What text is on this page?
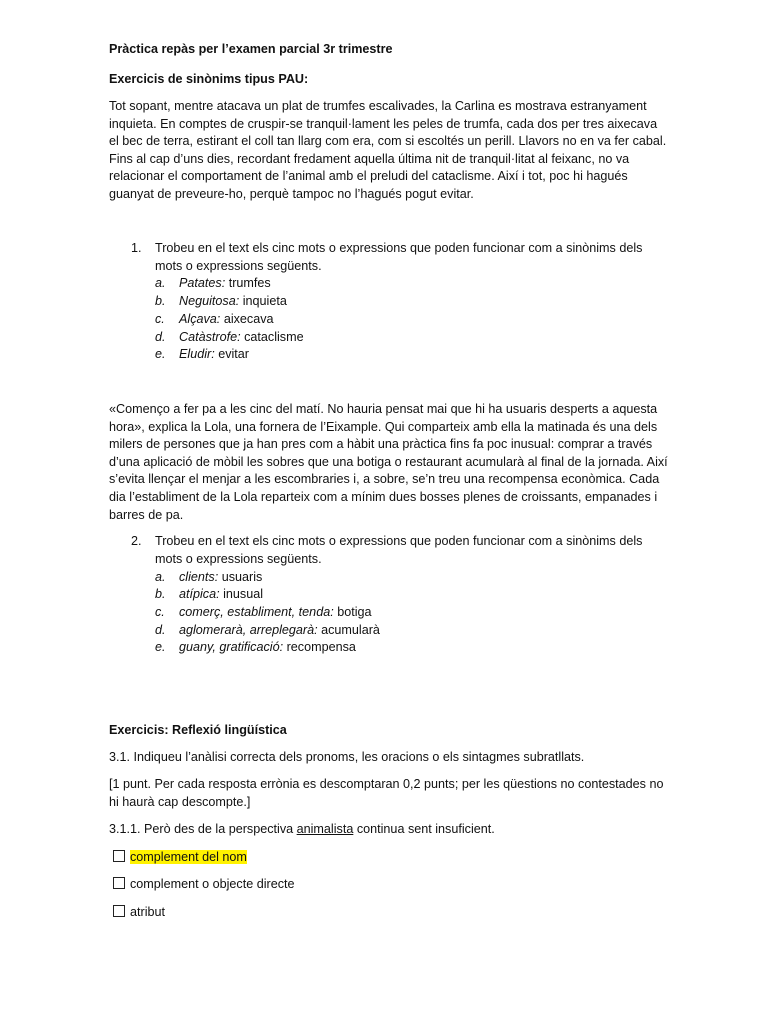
Pràctica repàs per l’examen parcial 3r trimestre

Exercicis de sinònims tipus PAU:

Tot sopant, mentre atacava un plat de trumfes escalivades, la Carlina es mostrava estranyament inquieta. En comptes de cruspir-se tranquil·lament les peles de trumfa, cada dos per tres aixecava el bec de terra, estirant el coll tan llarg com era, com si escoltés un perill. Llavors no en va fer cabal. Fins al cap d’uns dies, recordant fredament aquella última nit de tranquil·litat al feixanc, no va relacionar el comportament de l’animal amb el preludi del cataclisme. Així i tot, poc hi hagués guanyat de preveure-ho, perquè tampoc no l’hagués pogut evitar.

1. Trobeu en el text els cinc mots o expressions que poden funcionar com a sinònims dels mots o expressions següents.
a. Patates: trumfes
b. Neguitosa: inquieta
c. Alçava: aixecava
d. Catàstrofe: cataclisme
e. Eludir: evitar

«Començo a fer pa a les cinc del matí. No hauria pensat mai que hi ha usuaris desperts a aquesta hora», explica la Lola, una fornera de l’Eixample. Qui comparteix amb ella la matinada és una dels milers de persones que ja han pres com a hàbit una pràctica fins fa poc inusual: comprar a través d’una aplicació de mòbil les sobres que una botiga o restaurant acumularà al final de la jornada. Així s’evita llençar el menjar a les escombraries i, a sobre, se’n treu una recompensa econòmica. Cada dia l’establiment de la Lola reparteix com a mínim dues bosses plenes de croissants, empanades i barres de pa.

2. Trobeu en el text els cinc mots o expressions que poden funcionar com a sinònims dels mots o expressions següents.
a. clients: usuaris
b. atípica: inusual
c. comerç, establiment, tenda: botiga
d. aglomerarà, arreplegarà: acumularà
e. guany, gratificació: recompensa

Exercicis: Reflexió lingüística

3.1. Indiqueu l’anàlisi correcta dels pronoms, les oracions o els sintagmes subratllats.

[1 punt. Per cada resposta errònia es descomptaran 0,2 punts; per les qüestions no contestades no hi haurà cap descompte.]

3.1.1. Però des de la perspectiva animalista continua sent insuficient.

complement del nom
complement o objecte directe
atribut
